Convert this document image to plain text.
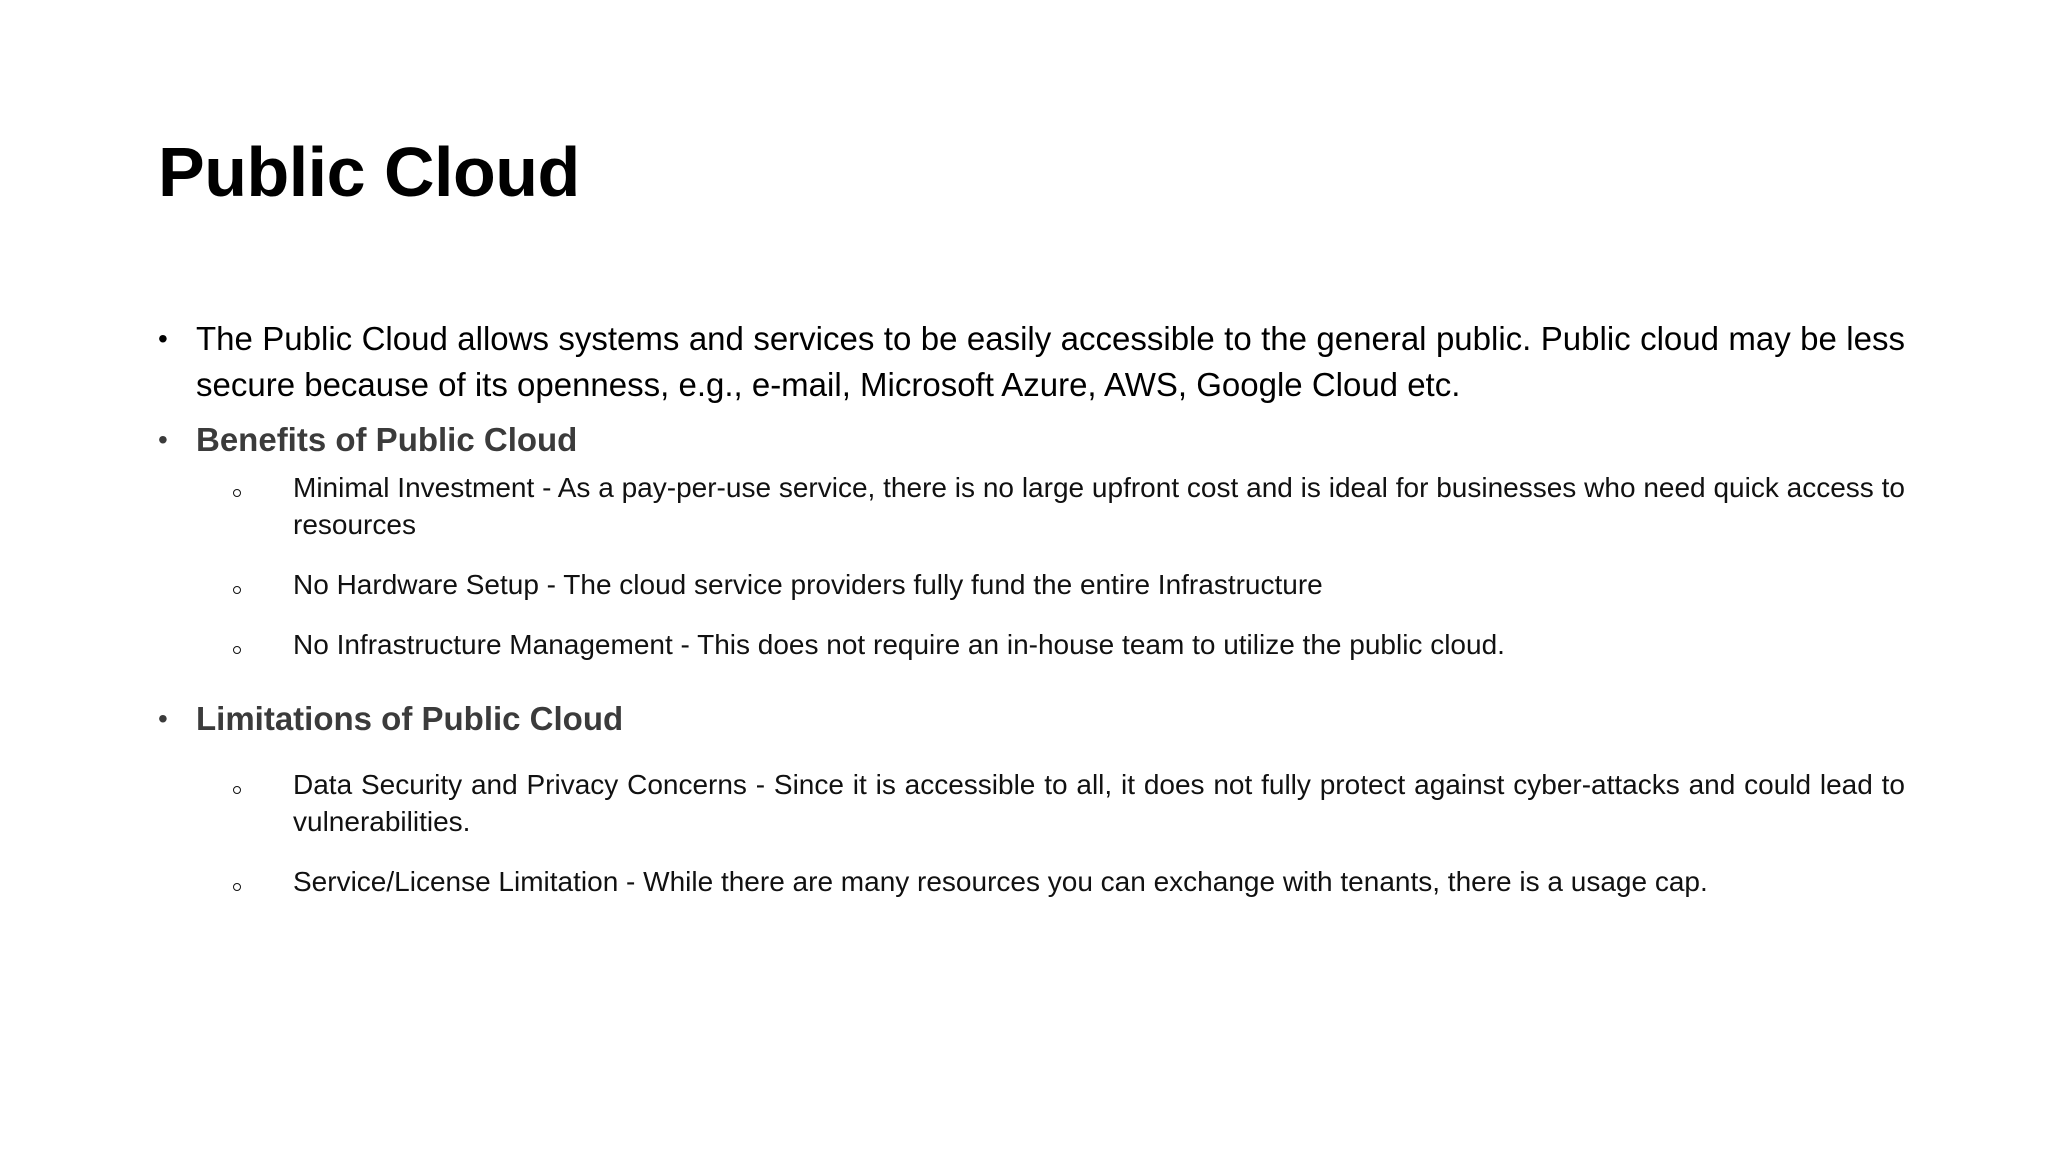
Public Cloud
• The Public Cloud allows systems and services to be easily accessible to the general public. Public cloud may be less secure because of its openness, e.g., e-mail, Microsoft Azure, AWS, Google Cloud etc.
• Benefits of Public Cloud
Minimal Investment - As a pay-per-use service, there is no large upfront cost and is ideal for businesses who need quick access to resources
No Hardware Setup - The cloud service providers fully fund the entire Infrastructure
No Infrastructure Management - This does not require an in-house team to utilize the public cloud.
• Limitations of Public Cloud
Data Security and Privacy Concerns - Since it is accessible to all, it does not fully protect against cyber-attacks and could lead to vulnerabilities.
Service/License Limitation - While there are many resources you can exchange with tenants, there is a usage cap.
